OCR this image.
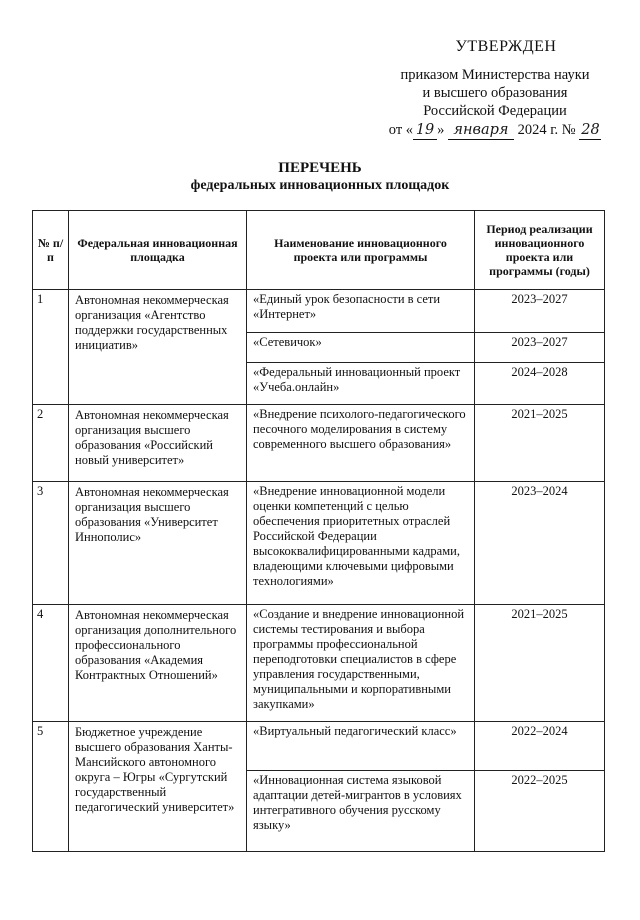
УТВЕРЖДЕН
приказом Министерства науки
и высшего образования
Российской Федерации
от « 19 » января 2024 г. № 28
ПЕРЕЧЕНЬ
федеральных инновационных площадок
№ п/п	Федеральная инновационная площадка	Наименование инновационного проекта или программы	Период реализации инновационного проекта или программы (годы)
1	Автономная некоммерческая организация «Агентство поддержки государственных инициатив»	«Единый урок безопасности в сети «Интернет»	2023–2027
		«Сетевичок»	2023–2027
		«Федеральный инновационный проект «Учеба.онлайн»	2024–2028
2	Автономная некоммерческая организация высшего образования «Российский новый университет»	«Внедрение психолого-педагогического песочного моделирования в систему современного высшего образования»	2021–2025
3	Автономная некоммерческая организация высшего образования «Университет Иннополис»	«Внедрение инновационной модели оценки компетенций с целью обеспечения приоритетных отраслей Российской Федерации высококвалифицированными кадрами, владеющими ключевыми цифровыми технологиями»	2023–2024
4	Автономная некоммерческая организация дополнительного профессионального образования «Академия Контрактных Отношений»	«Создание и внедрение инновационной системы тестирования и выбора программы профессиональной переподготовки специалистов в сфере управления государственными, муниципальными и корпоративными закупками»	2021–2025
5	Бюджетное учреждение высшего образования Ханты-Мансийского автономного округа – Югры «Сургутский государственный педагогический университет»	«Виртуальный педагогический класс»	2022–2024
		«Инновационная система языковой адаптации детей-мигрантов в условиях интегративного обучения русскому языку»	2022–2025
